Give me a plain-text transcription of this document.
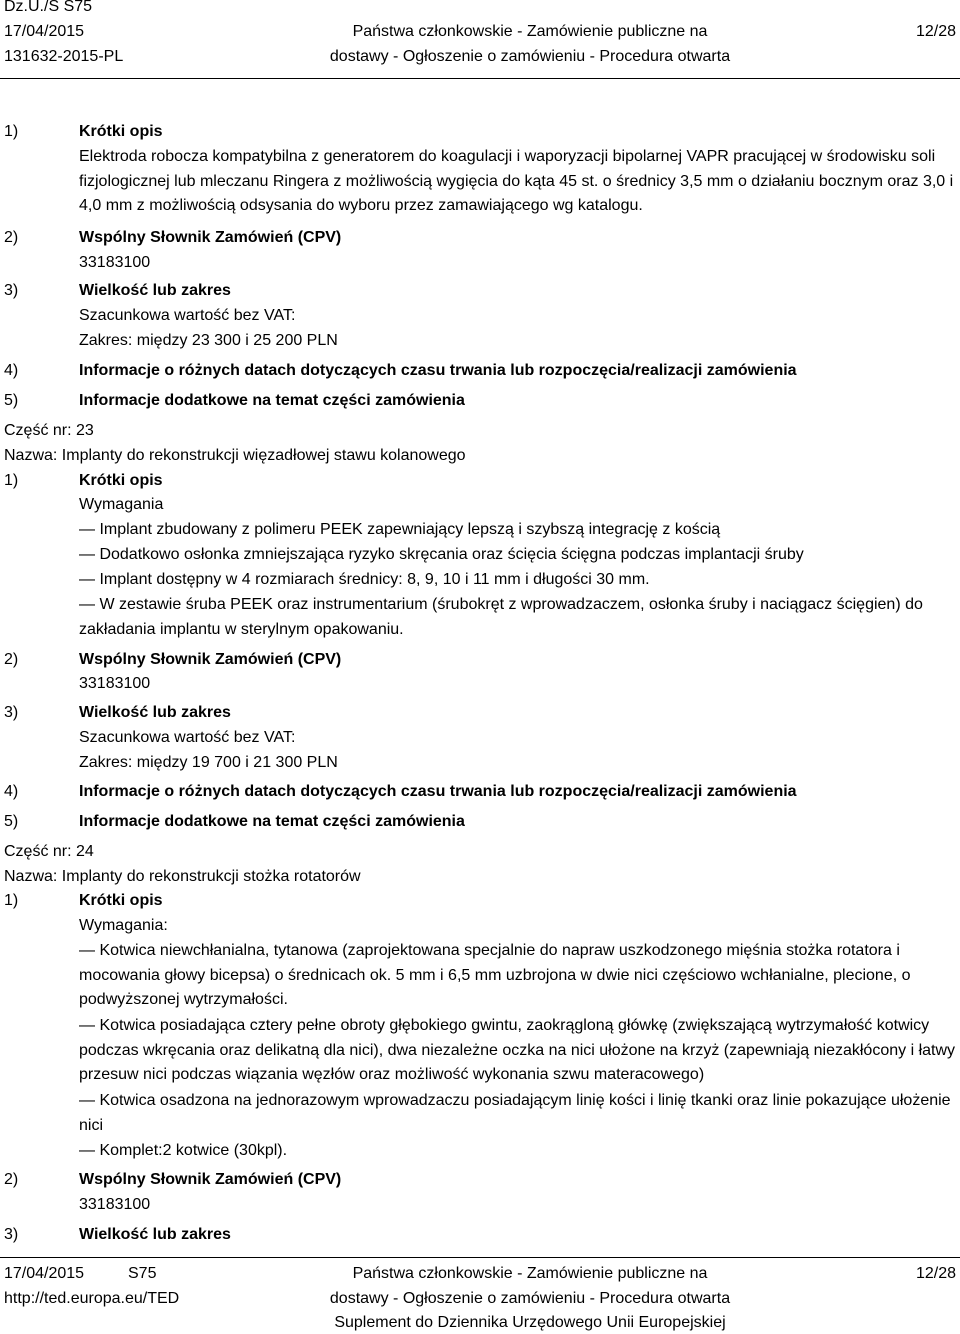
Dz.U./S S75
17/04/2015
131632-2015-PL
Państwa członkowskie - Zamówienie publiczne na
dostawy - Ogłoszenie o zamówieniu - Procedura otwarta
12/28
1)	Krótki opis
Elektroda robocza kompatybilna z generatorem do koagulacji i waporyzacji bipolarnej VAPR pracującej w środowisku soli fizjologicznej lub mleczanu Ringera z możliwością wygięcia do kąta 45 st. o średnicy 3,5 mm o działaniu bocznym oraz 3,0 i 4,0 mm z możliwością odsysania do wyboru przez zamawiającego wg katalogu.
2)	Wspólny Słownik Zamówień (CPV)
33183100
3)	Wielkość lub zakres
Szacunkowa wartość bez VAT:
Zakres: między 23 300 i 25 200 PLN
4)	Informacje o różnych datach dotyczących czasu trwania lub rozpoczęcia/realizacji zamówienia
5)	Informacje dodatkowe na temat części zamówienia
Część nr: 23
Nazwa: Implanty do rekonstrukcji więzadłowej stawu kolanowego
1)	Krótki opis
Wymagania
— Implant zbudowany z polimeru PEEK zapewniający lepszą i szybszą integrację z kością
— Dodatkowo osłonka zmniejszająca ryzyko skręcania oraz ścięcia ścięgna podczas implantacji śruby
— Implant dostępny w 4 rozmiarach średnicy: 8, 9, 10 i 11 mm i długości 30 mm.
— W zestawie śruba PEEK oraz instrumentarium (śrubokręt z wprowadzaczem, osłonka śruby i naciągacz ścięgien) do zakładania implantu w sterylnym opakowaniu.
2)	Wspólny Słownik Zamówień (CPV)
33183100
3)	Wielkość lub zakres
Szacunkowa wartość bez VAT:
Zakres: między 19 700 i 21 300 PLN
4)	Informacje o różnych datach dotyczących czasu trwania lub rozpoczęcia/realizacji zamówienia
5)	Informacje dodatkowe na temat części zamówienia
Część nr: 24
Nazwa: Implanty do rekonstrukcji stożka rotatorów
1)	Krótki opis
Wymagania:
— Kotwica niewchłanialna, tytanowa (zaprojektowana specjalnie do napraw uszkodzonego mięśnia stożka rotatora i mocowania głowy bicepsa) o średnicach ok. 5 mm i 6,5 mm uzbrojona w dwie nici częściowo wchłanialne, plecione, o podwyższonej wytrzymałości.
— Kotwica posiadająca cztery pełne obroty głębokiego gwintu, zaokrągloną główkę (zwiększającą wytrzymałość kotwicy podczas wkręcania oraz delikatną dla nici), dwa niezależne oczka na nici ułożone na krzyż (zapewniają niezakłócony i łatwy przesuw nici podczas wiązania węzłów oraz możliwość wykonania szwu materacowego)
— Kotwica osadzona na jednorazowym wprowadzaczu posiadającym linię kości i linię tkanki oraz linie pokazujące ułożenie nici
— Komplet:2 kotwice (30kpl).
2)	Wspólny Słownik Zamówień (CPV)
33183100
3)	Wielkość lub zakres
17/04/2015	S75
http://ted.europa.eu/TED
Państwa członkowskie - Zamówienie publiczne na
dostawy - Ogłoszenie o zamówieniu - Procedura otwarta
Suplement do Dziennika Urzędowego Unii Europejskiej
12/28
